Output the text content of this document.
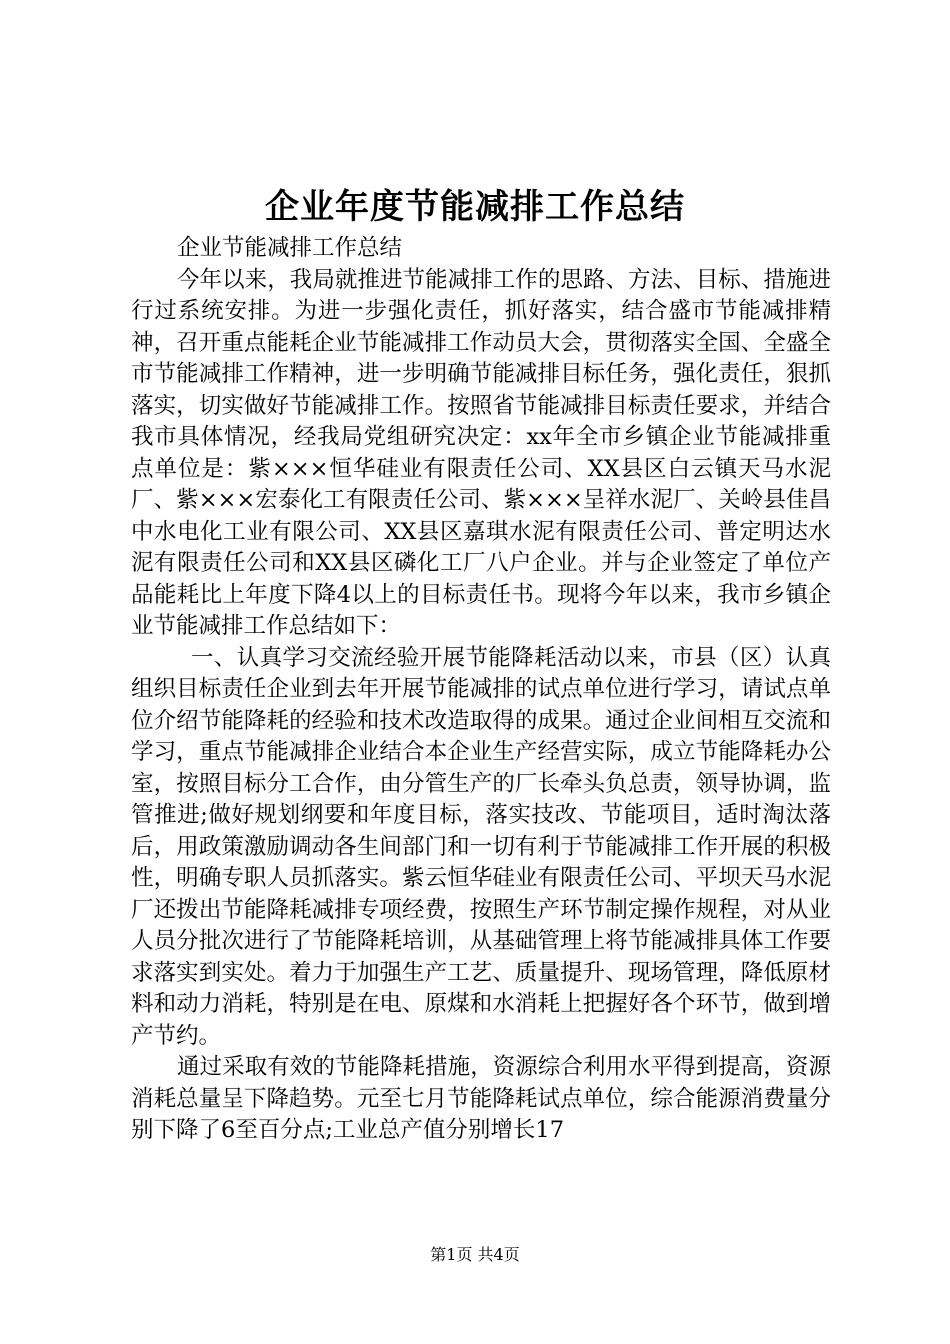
企业年度节能减排工作总结

企业节能减排工作总结

今年以来，我局就推进节能减排工作的思路、方法、目标、措施进行过系统安排。为进一步强化责任，抓好落实，结合盛市节能减排精神，召开重点能耗企业节能减排工作动员大会，贯彻落实全国、全盛全市节能减排工作精神，进一步明确节能减排目标任务，强化责任，狠抓落实，切实做好节能减排工作。按照省节能减排目标责任要求，并结合我市具体情况，经我局党组研究决定：xx年全市乡镇企业节能减排重点单位是：紫×××恒华硅业有限责任公司、XX县区白云镇天马水泥厂、紫×××宏泰化工有限责任公司、紫×××呈祥水泥厂、关岭县佳昌中水电化工业有限公司、XX县区嘉琪水泥有限责任公司、普定明达水泥有限责任公司和XX县区磷化工厂八户企业。并与企业签定了单位产品能耗比上年度下降4以上的目标责任书。现将今年以来，我市乡镇企业节能减排工作总结如下：

一、认真学习交流经验开展节能降耗活动以来，市县（区）认真组织目标责任企业到去年开展节能减排的试点单位进行学习，请试点单位介绍节能降耗的经验和技术改造取得的成果。通过企业间相互交流和学习，重点节能减排企业结合本企业生产经营实际，成立节能降耗办公室，按照目标分工合作，由分管生产的厂长牵头负总责，领导协调，监管推进;做好规划纲要和年度目标，落实技改、节能项目，适时淘汰落后，用政策激励调动各生间部门和一切有利于节能减排工作开展的积极性，明确专职人员抓落实。紫云恒华硅业有限责任公司、平坝天马水泥厂还拨出节能降耗减排专项经费，按照生产环节制定操作规程，对从业人员分批次进行了节能降耗培训，从基础管理上将节能减排具体工作要求落实到实处。着力于加强生产工艺、质量提升、现场管理，降低原材料和动力消耗，特别是在电、原煤和水消耗上把握好各个环节，做到增产节约。

通过采取有效的节能降耗措施，资源综合利用水平得到提高，资源消耗总量呈下降趋势。元至七月节能降耗试点单位，综合能源消费量分别下降了6至百分点;工业总产值分别增长17

第1页 共4页
